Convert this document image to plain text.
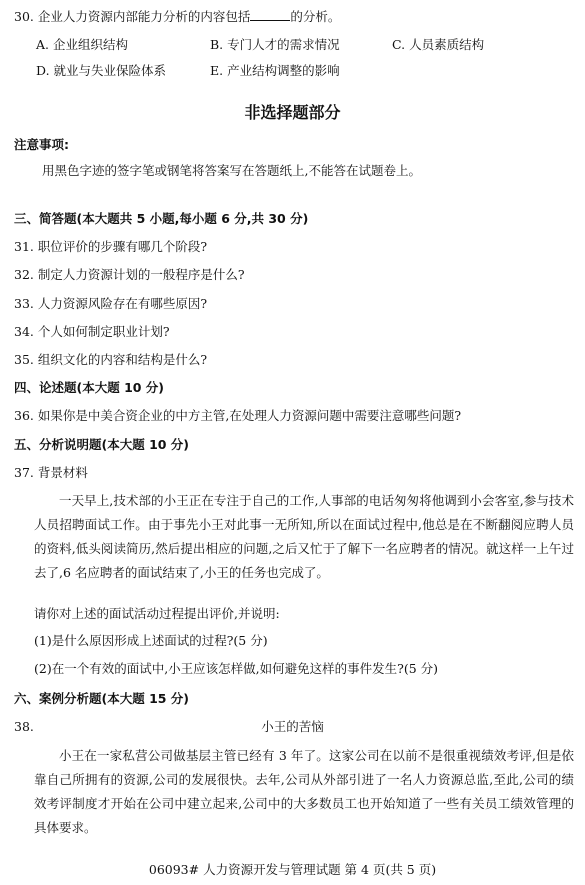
30. 企业人力资源内部能力分析的内容包括	的分析。
A. 企业组织结构	B. 专门人才的需求情况	C. 人员素质结构
D. 就业与失业保险体系	E. 产业结构调整的影响
非选择题部分
注意事项:
用黑色字迹的签字笔或钢笔将答案写在答题纸上,不能答在试题卷上。
三、简答题(本大题共 5 小题,每小题 6 分,共 30 分)
31. 职位评价的步骤有哪几个阶段?
32. 制定人力资源计划的一般程序是什么?
33. 人力资源风险存在有哪些原因?
34. 个人如何制定职业计划?
35. 组织文化的内容和结构是什么?
四、论述题(本大题 10 分)
36. 如果你是中美合资企业的中方主管,在处理人力资源问题中需要注意哪些问题?
五、分析说明题(本大题 10 分)
37. 背景材料
一天早上,技术部的小王正在专注于自己的工作,人事部的电话匆匆将他调到小会客室,参与技术人员招聘面试工作。由于事先小王对此事一无所知,所以在面试过程中,他总是在不断翻阅应聘人员的资料,低头阅读简历,然后提出相应的问题,之后又忙于了解下一名应聘者的情况。就这样一上午过去了,6 名应聘者的面试结束了,小王的任务也完成了。
请你对上述的面试活动过程提出评价,并说明:
(1)是什么原因形成上述面试的过程?(5 分)
(2)在一个有效的面试中,小王应该怎样做,如何避免这样的事件发生?(5 分)
六、案例分析题(本大题 15 分)
38.	小王的苦恼
小王在一家私营公司做基层主管已经有 3 年了。这家公司在以前不是很重视绩效考评,但是依靠自己所拥有的资源,公司的发展很快。去年,公司从外部引进了一名人力资源总监,至此,公司的绩效考评制度才开始在公司中建立起来,公司中的大多数员工也开始知道了一些有关员工绩效管理的具体要求。
06093# 人力资源开发与管理试题 第 4 页(共 5 页)
